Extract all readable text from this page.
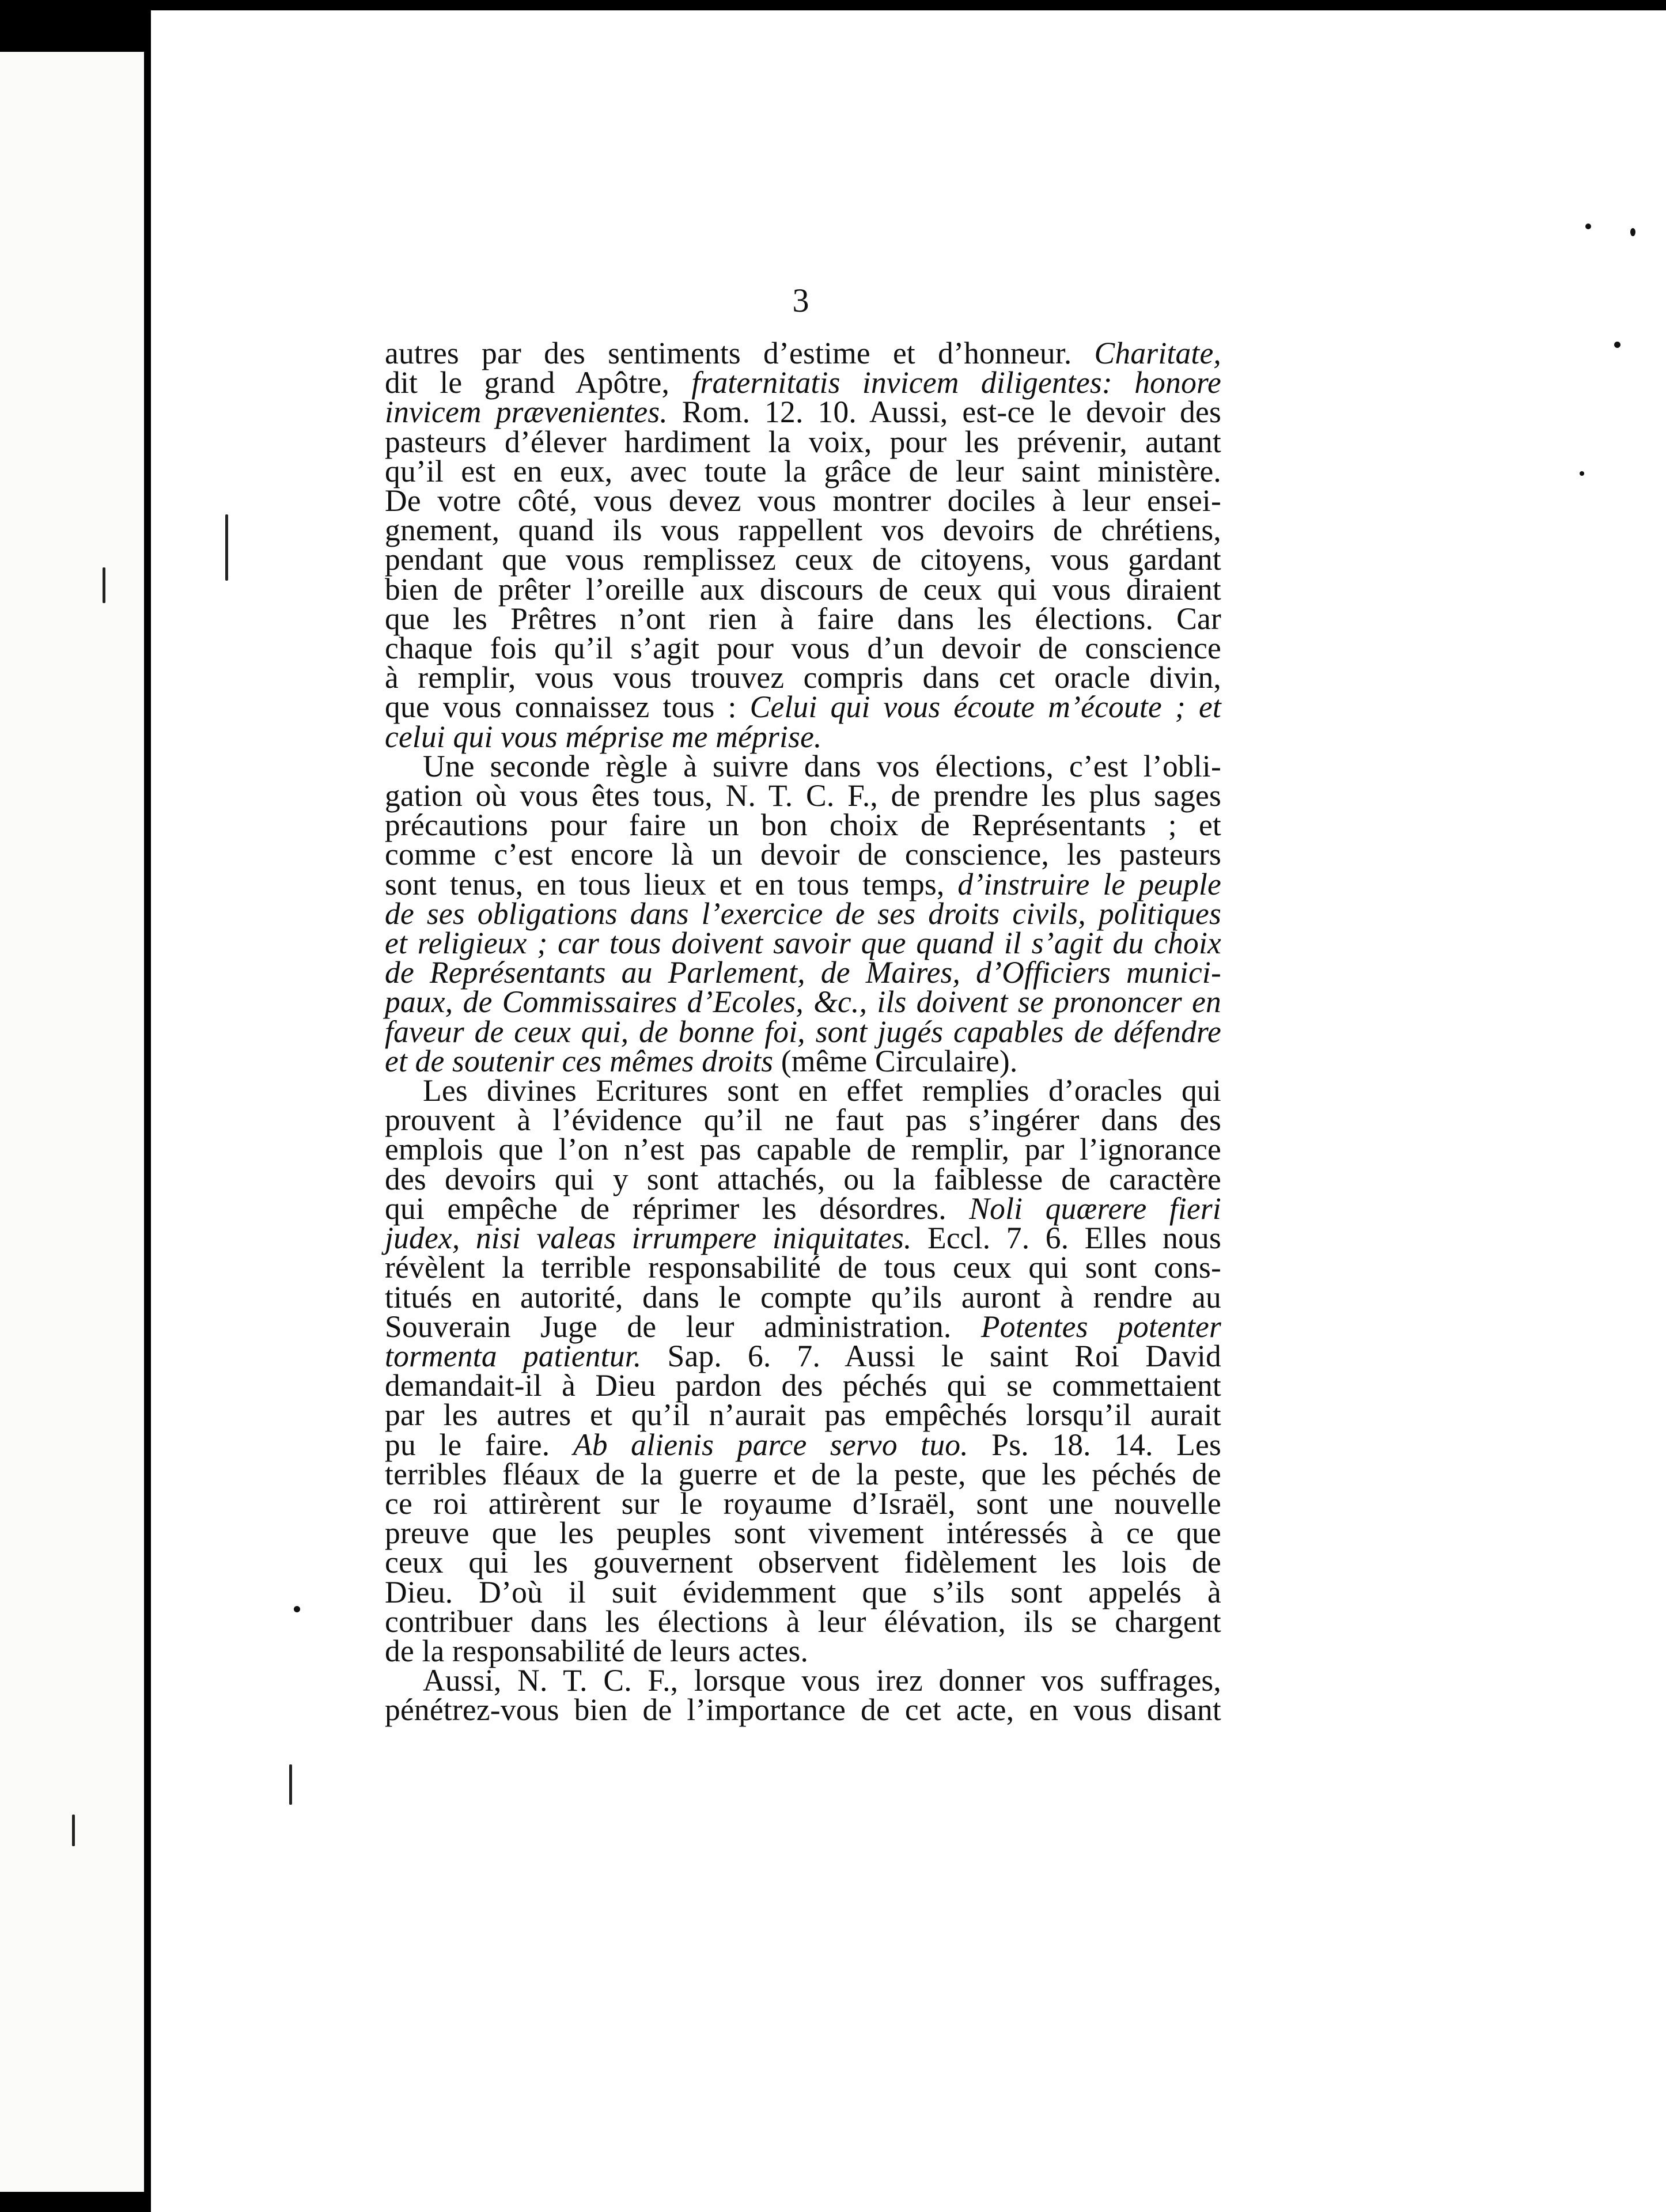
3

autres par des sentiments d’estime et d’honneur. Charitate,
dit le grand Apôtre, fraternitatis invicem diligentes: honore
invicem prævenientes. Rom. 12. 10. Aussi, est-ce le devoir des
pasteurs d’élever hardiment la voix, pour les prévenir, autant
qu’il est en eux, avec toute la grâce de leur saint ministère.
De votre côté, vous devez vous montrer dociles à leur ensei-
gnement, quand ils vous rappellent vos devoirs de chrétiens,
pendant que vous remplissez ceux de citoyens, vous gardant
bien de prêter l’oreille aux discours de ceux qui vous diraient
que les Prêtres n’ont rien à faire dans les élections. Car
chaque fois qu’il s’agit pour vous d’un devoir de conscience
à remplir, vous vous trouvez compris dans cet oracle divin,
que vous connaissez tous : Celui qui vous écoute m’écoute ; et
celui qui vous méprise me méprise.
Une seconde règle à suivre dans vos élections, c’est l’obli-
gation où vous êtes tous, N. T. C. F., de prendre les plus sages
précautions pour faire un bon choix de Représentants ; et
comme c’est encore là un devoir de conscience, les pasteurs
sont tenus, en tous lieux et en tous temps, d’instruire le peuple
de ses obligations dans l’exercice de ses droits civils, politiques
et religieux ; car tous doivent savoir que quand il s’agit du choix
de Représentants au Parlement, de Maires, d’Officiers munici-
paux, de Commissaires d’Ecoles, &c., ils doivent se prononcer en
faveur de ceux qui, de bonne foi, sont jugés capables de défendre
et de soutenir ces mêmes droits (même Circulaire).
Les divines Ecritures sont en effet remplies d’oracles qui
prouvent à l’évidence qu’il ne faut pas s’ingérer dans des
emplois que l’on n’est pas capable de remplir, par l’ignorance
des devoirs qui y sont attachés, ou la faiblesse de caractère
qui empêche de réprimer les désordres. Noli quærere fieri
judex, nisi valeas irrumpere iniquitates. Eccl. 7. 6. Elles nous
révèlent la terrible responsabilité de tous ceux qui sont cons-
titués en autorité, dans le compte qu’ils auront à rendre au
Souverain Juge de leur administration. Potentes potenter
tormenta patientur. Sap. 6. 7. Aussi le saint Roi David
demandait-il à Dieu pardon des péchés qui se commettaient
par les autres et qu’il n’aurait pas empêchés lorsqu’il aurait
pu le faire. Ab alienis parce servo tuo. Ps. 18. 14. Les
terribles fléaux de la guerre et de la peste, que les péchés de
ce roi attirèrent sur le royaume d’Israël, sont une nouvelle
preuve que les peuples sont vivement intéressés à ce que
ceux qui les gouvernent observent fidèlement les lois de
Dieu. D’où il suit évidemment que s’ils sont appelés à
contribuer dans les élections à leur élévation, ils se chargent
de la responsabilité de leurs actes.
Aussi, N. T. C. F., lorsque vous irez donner vos suffrages,
pénétrez-vous bien de l’importance de cet acte, en vous disant
